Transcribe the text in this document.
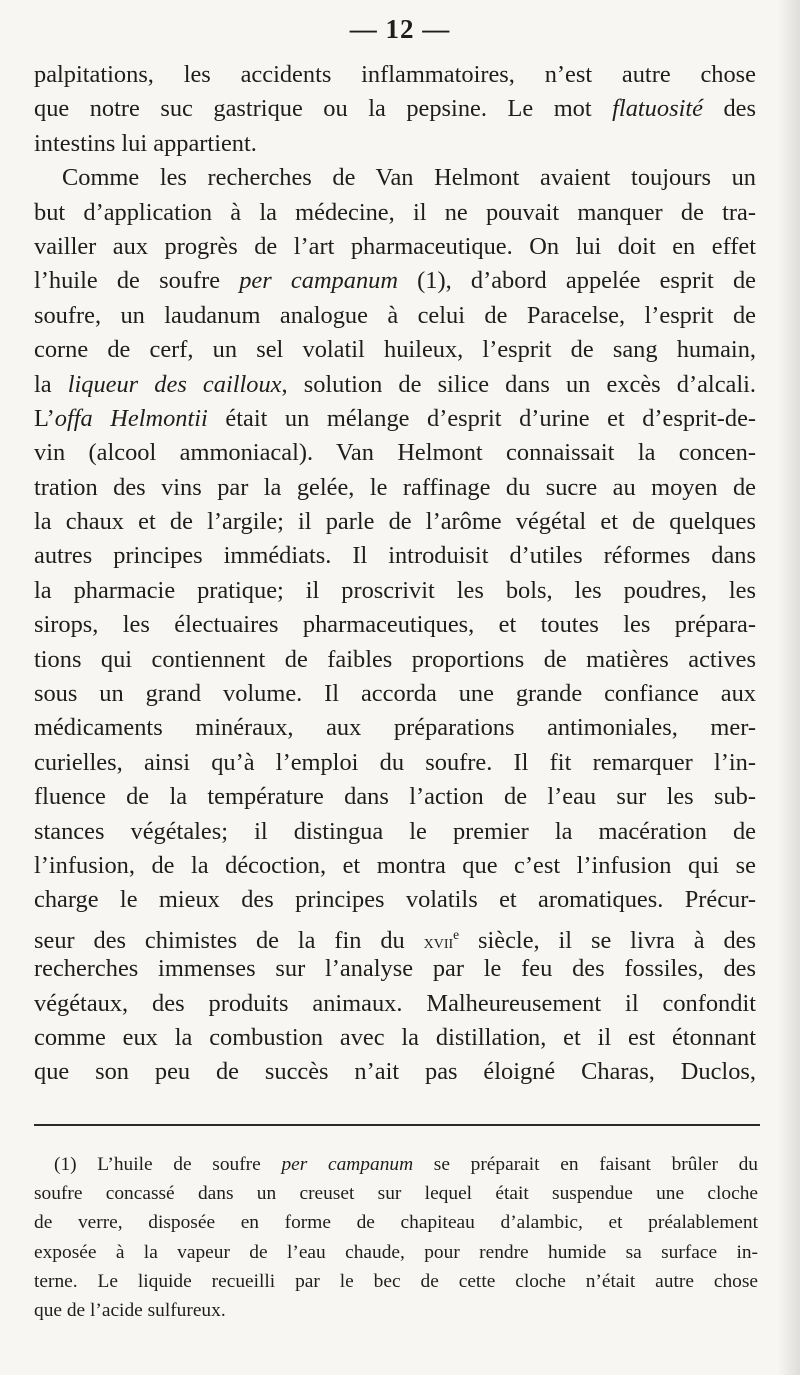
— 12 —
palpitations, les accidents inflammatoires, n’est autre chose
que notre suc gastrique ou la pepsine. Le mot flatuosité des
intestins lui appartient.
Comme les recherches de Van Helmont avaient toujours un
but d’application à la médecine, il ne pouvait manquer de tra-
vailler aux progrès de l’art pharmaceutique. On lui doit en effet
l’huile de soufre per campanum (1), d’abord appelée esprit de
soufre, un laudanum analogue à celui de Paracelse, l’esprit de
corne de cerf, un sel volatil huileux, l’esprit de sang humain,
la liqueur des cailloux, solution de silice dans un excès d’alcali.
L’offa Helmontii était un mélange d’esprit d’urine et d’esprit-de-
vin (alcool ammoniacal). Van Helmont connaissait la concen-
tration des vins par la gelée, le raffinage du sucre au moyen de
la chaux et de l’argile; il parle de l’arôme végétal et de quelques
autres principes immédiats. Il introduisit d’utiles réformes dans
la pharmacie pratique; il proscrivit les bols, les poudres, les
sirops, les électuaires pharmaceutiques, et toutes les prépara-
tions qui contiennent de faibles proportions de matières actives
sous un grand volume. Il accorda une grande confiance aux
médicaments minéraux, aux préparations antimoniales, mer-
curielles, ainsi qu’à l’emploi du soufre. Il fit remarquer l’in-
fluence de la température dans l’action de l’eau sur les sub-
stances végétales; il distingua le premier la macération de
l’infusion, de la décoction, et montra que c’est l’infusion qui se
charge le mieux des principes volatils et aromatiques. Précur-
seur des chimistes de la fin du xvii$^e$ siècle, il se livra à des
recherches immenses sur l’analyse par le feu des fossiles, des
végétaux, des produits animaux. Malheureusement il confondit
comme eux la combustion avec la distillation, et il est étonnant
que son peu de succès n’ait pas éloigné Charas, Duclos,
(1) L’huile de soufre per campanum se préparait en faisant brûler du
soufre concassé dans un creuset sur lequel était suspendue une cloche
de verre, disposée en forme de chapiteau d’alambic, et préalablement
exposée à la vapeur de l’eau chaude, pour rendre humide sa surface in-
terne. Le liquide recueilli par le bec de cette cloche n’était autre chose
que de l’acide sulfureux.
